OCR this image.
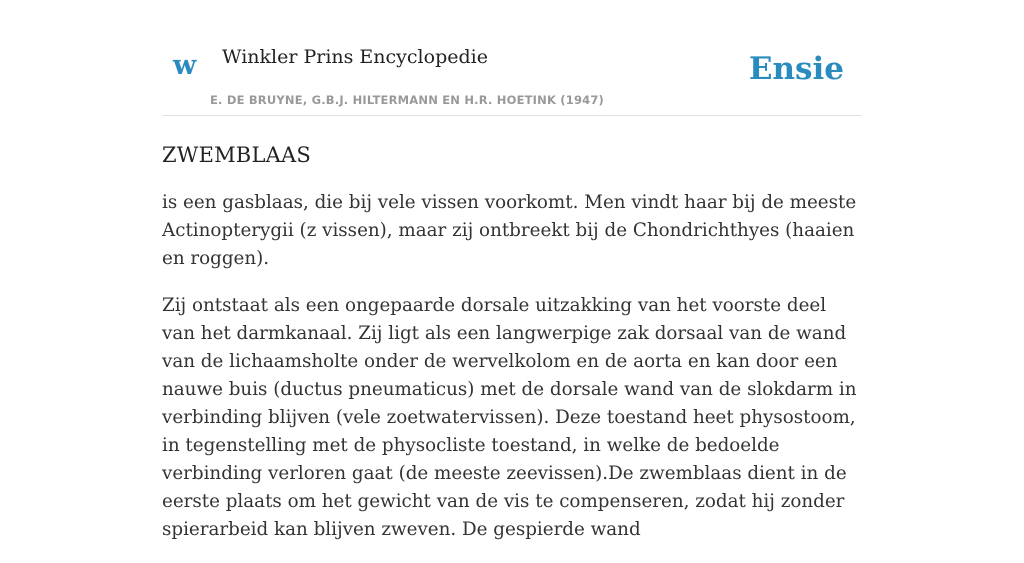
w Winkler Prins Encyclopedie
E. DE BRUYNE, G.B.J. HILTERMANN EN H.R. HOETINK (1947)
Ensie
ZWEMBLAAS

is een gasblaas, die bij vele vissen voorkomt. Men vindt haar bij de meeste Actinopterygii (z vissen), maar zij ontbreekt bij de Chondrichthyes (haaien en roggen).

Zij ontstaat als een ongepaarde dorsale uitzakking van het voorste deel van het darmkanaal. Zij ligt als een langwerpige zak dorsaal van de wand van de lichaamsholte onder de wervelkolom en de aorta en kan door een nauwe buis (ductus pneumaticus) met de dorsale wand van de slokdarm in verbinding blijven (vele zoetwatervissen). Deze toestand heet physostoom, in tegenstelling met de physocliste toestand, in welke de bedoelde verbinding verloren gaat (de meeste zeevissen).De zwemblaas dient in de eerste plaats om het gewicht van de vis te compenseren, zodat hij zonder spierarbeid kan blijven zweven. De gespierde wand
